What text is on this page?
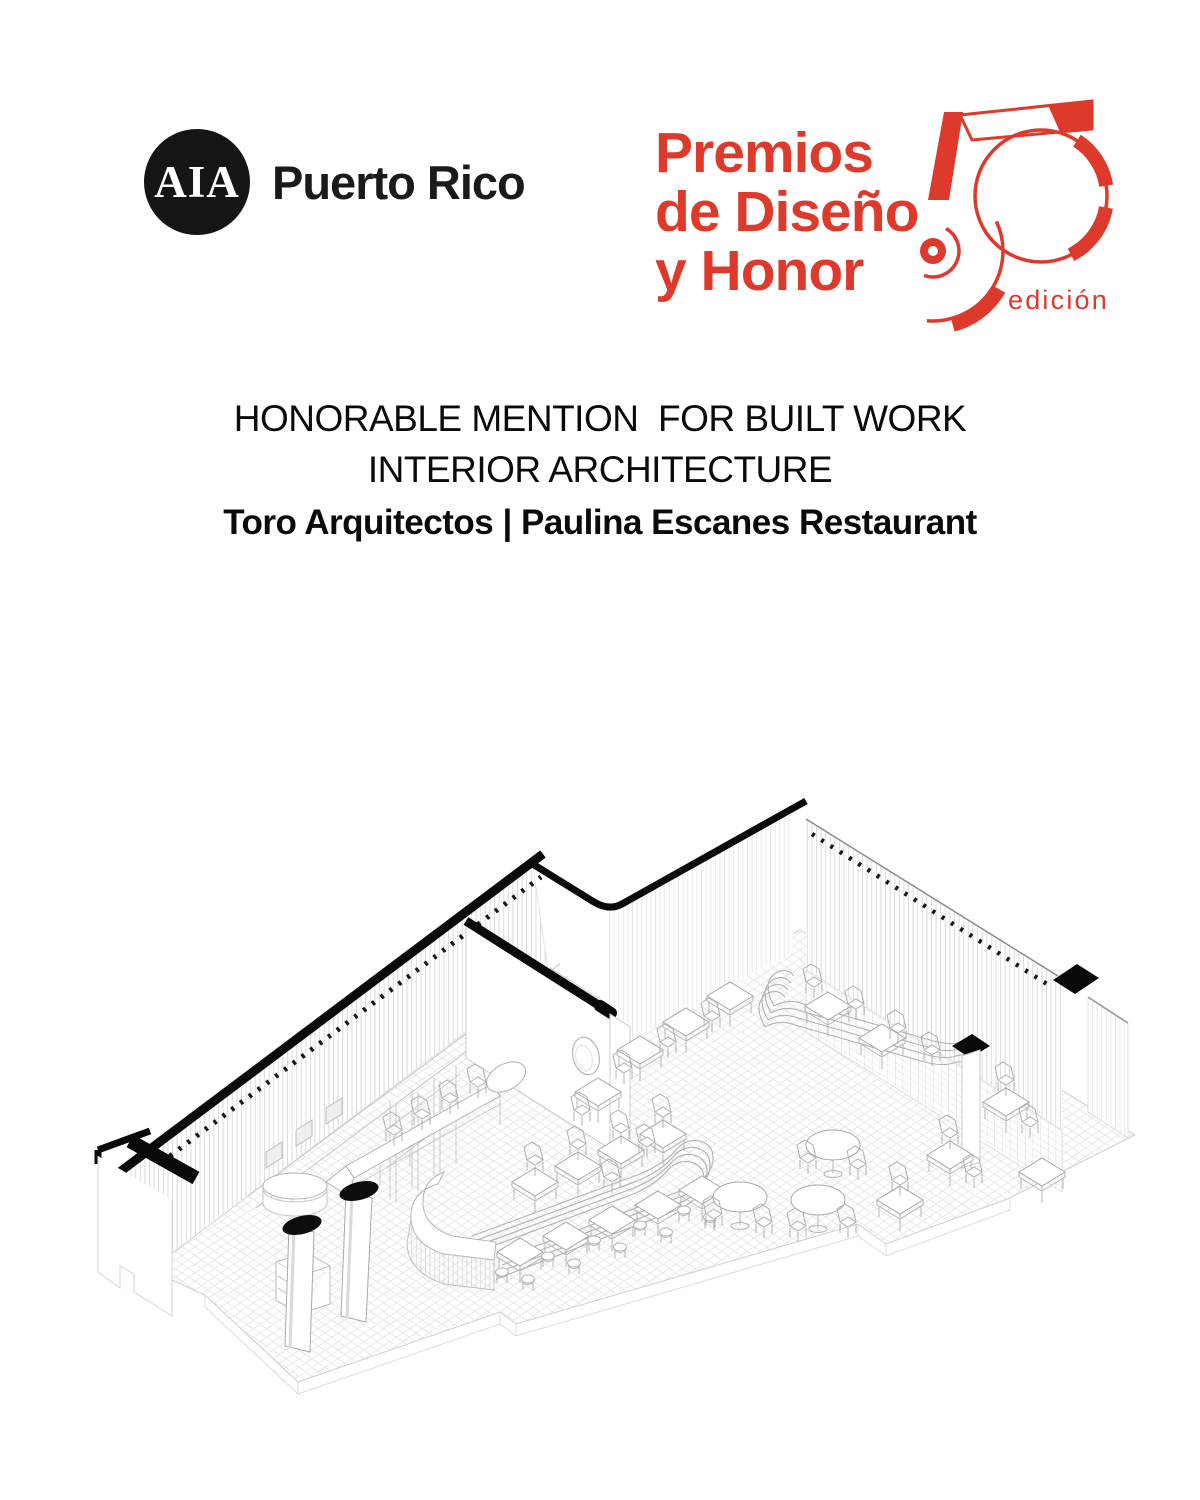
AIA Puerto Rico Premios
de Diseño
y Honor	edición
HONORABLE MENTION  FOR BUILT WORK
INTERIOR ARCHITECTURE
Toro Arquitectos | Paulina Escanes Restaurant
